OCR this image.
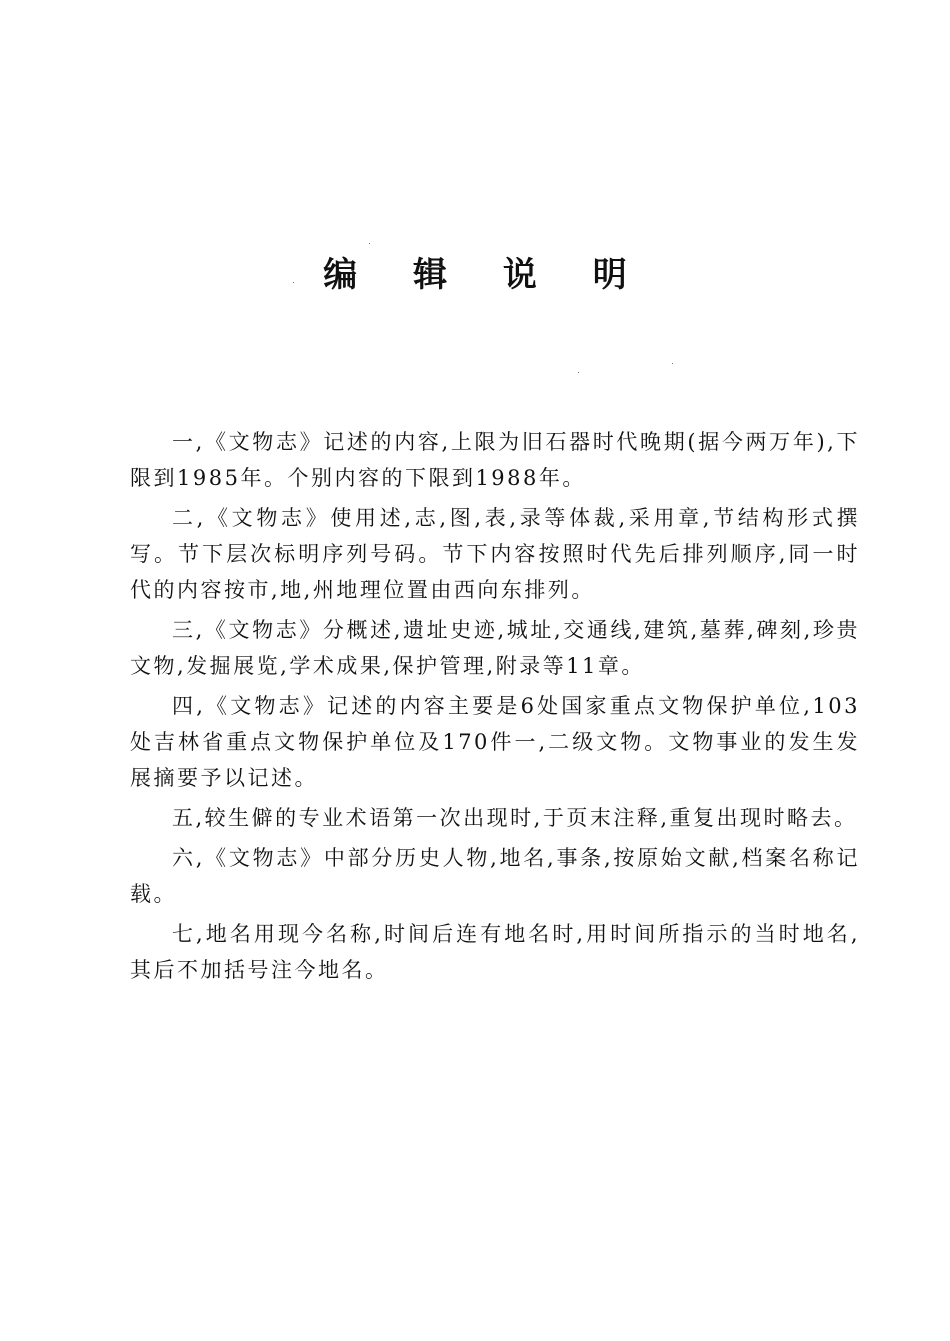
编 辑 说 明

一,《文物志》记述的内容,上限为旧石器时代晚期(据今两万年),下限到1985年。个别内容的下限到1988年。

二,《文物志》使用述,志,图,表,录等体裁,采用章,节结构形式撰写。节下层次标明序列号码。节下内容按照时代先后排列顺序,同一时代的内容按市,地,州地理位置由西向东排列。

三,《文物志》分概述,遗址史迹,城址,交通线,建筑,墓葬,碑刻,珍贵文物,发掘展览,学术成果,保护管理,附录等11章。

四,《文物志》记述的内容主要是6处国家重点文物保护单位,103处吉林省重点文物保护单位及170件一,二级文物。文物事业的发生发展摘要予以记述。

五,较生僻的专业术语第一次出现时,于页末注释,重复出现时略去。

六,《文物志》中部分历史人物,地名,事条,按原始文献,档案名称记载。

七,地名用现今名称,时间后连有地名时,用时间所指示的当时地名,其后不加括号注今地名。
